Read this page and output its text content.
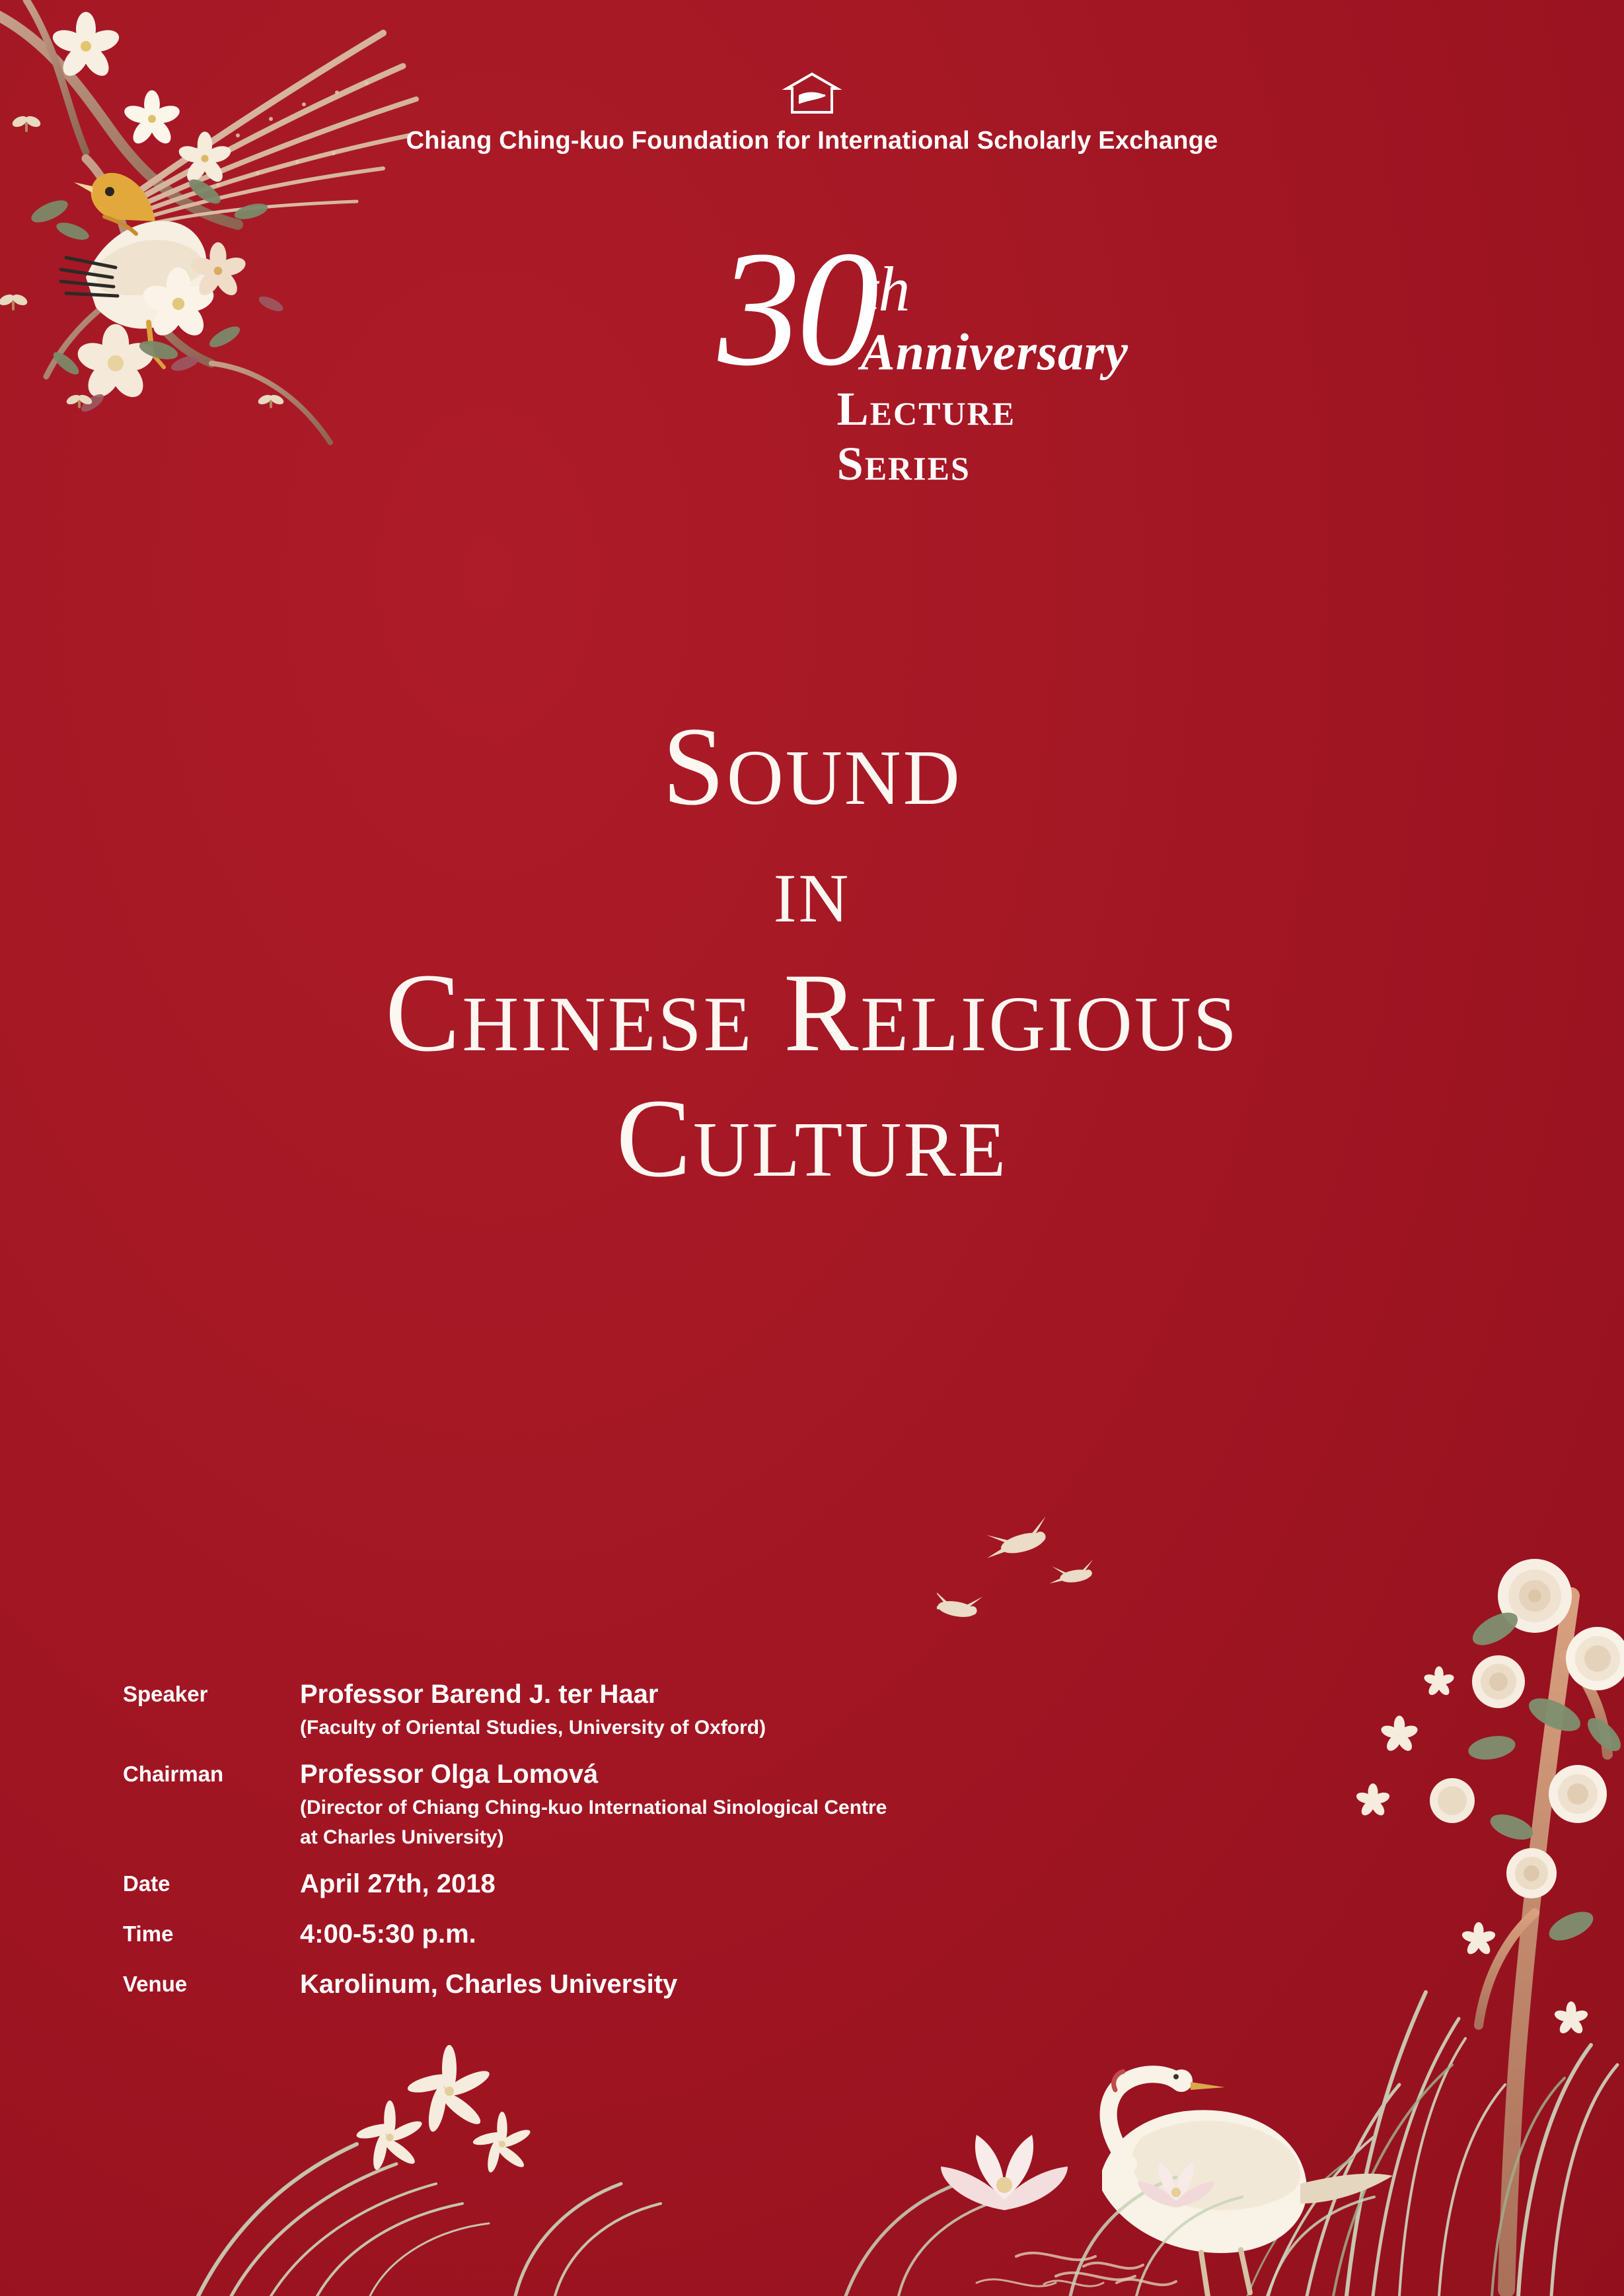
Chiang Ching-kuo Foundation for International Scholarly Exchange
30th
Anniversary
Lecture Series
Sound
in
Chinese Religious
Culture
Speaker	Professor Barend J. ter Haar
(Faculty of Oriental Studies, University of Oxford)
Chairman	Professor Olga Lomová
(Director of Chiang Ching-kuo International Sinological Centre
at Charles University)
Date	April 27th, 2018
Time	4:00-5:30 p.m.
Venue	Karolinum, Charles University
